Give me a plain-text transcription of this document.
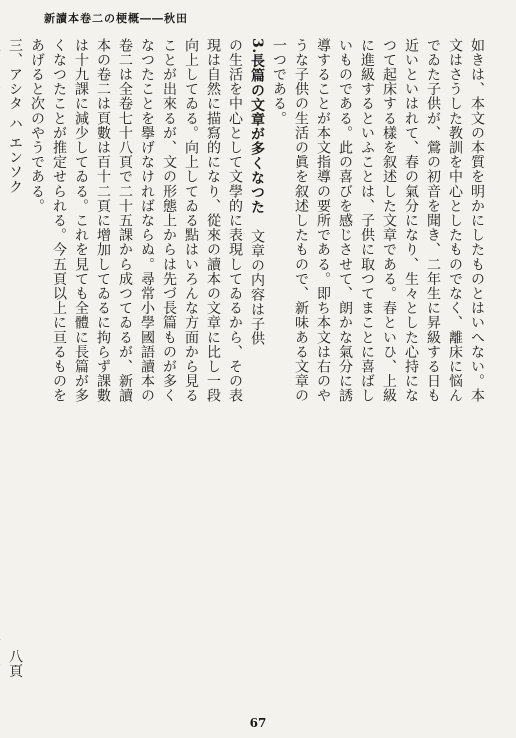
新讀本卷二の梗概――秋田
如きは、本文の本質を明かにしたものとはいへない。本
文はさうした教訓を中心としたものでなく、離床に悩ん
でゐた子供が、鶯の初音を聞き、二年生に昇級する日も
近いといはれて、春の氣分になり、生々とした心持にな
つて起床する樣を叙述した文章である。春といひ、上級
に進級するといふことは、子供に取つてまことに喜ばし
いものである。此の喜びを感じさせて、朗かな氣分に誘
導することが本文指導の要所である。即ち本文は右のや
うな子供の生活の眞を叙述したもので、新味ある文章の
一つである。
3.長篇の文章が多くなつた　文章の内容は子供
の生活を中心として文學的に表現してゐるから、その表
現は自然に描寫的になり、從來の讀本の文章に比し一段
向上してゐる。向上してゐる點はいろんな方面から見る
ことが出來るが、文の形態上からは先づ長篇ものが多く
なつたことを擧げなければならぬ。尋常小學國語讀本の
卷二は全卷七十八頁で二十五課から成つてゐるが、新讀
本の卷二は頁數は百十二頁に增加してゐるに拘らず課數
は十九課に減少してゐる。これを見ても全體に長篇が多
くなつたことが推定せられる。今五頁以上に亘るものを
あげると次のやうである。
三、アシタ ハ エンソク
八頁
67
